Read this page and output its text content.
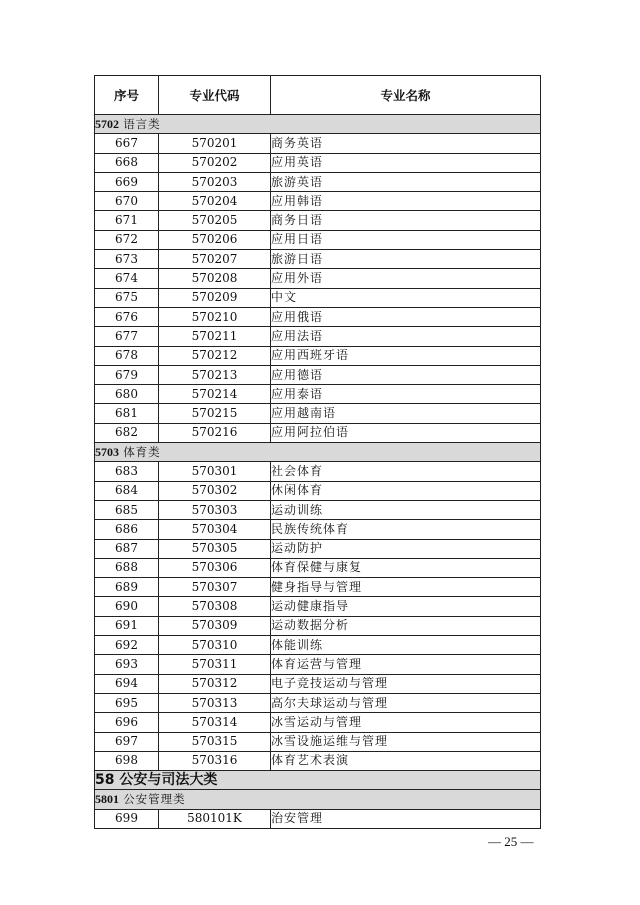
序号	专业代码	专业名称
5702 语言类		
667	570201	商务英语
668	570202	应用英语
669	570203	旅游英语
670	570204	应用韩语
671	570205	商务日语
672	570206	应用日语
673	570207	旅游日语
674	570208	应用外语
675	570209	中文
676	570210	应用俄语
677	570211	应用法语
678	570212	应用西班牙语
679	570213	应用德语
680	570214	应用泰语
681	570215	应用越南语
682	570216	应用阿拉伯语
5703 体育类		
683	570301	社会体育
684	570302	休闲体育
685	570303	运动训练
686	570304	民族传统体育
687	570305	运动防护
688	570306	体育保健与康复
689	570307	健身指导与管理
690	570308	运动健康指导
691	570309	运动数据分析
692	570310	体能训练
693	570311	体育运营与管理
694	570312	电子竞技运动与管理
695	570313	高尔夫球运动与管理
696	570314	冰雪运动与管理
697	570315	冰雪设施运维与管理
698	570316	体育艺术表演
58 公安与司法大类		
5801 公安管理类		
699	580101K	治安管理
— 25 —
